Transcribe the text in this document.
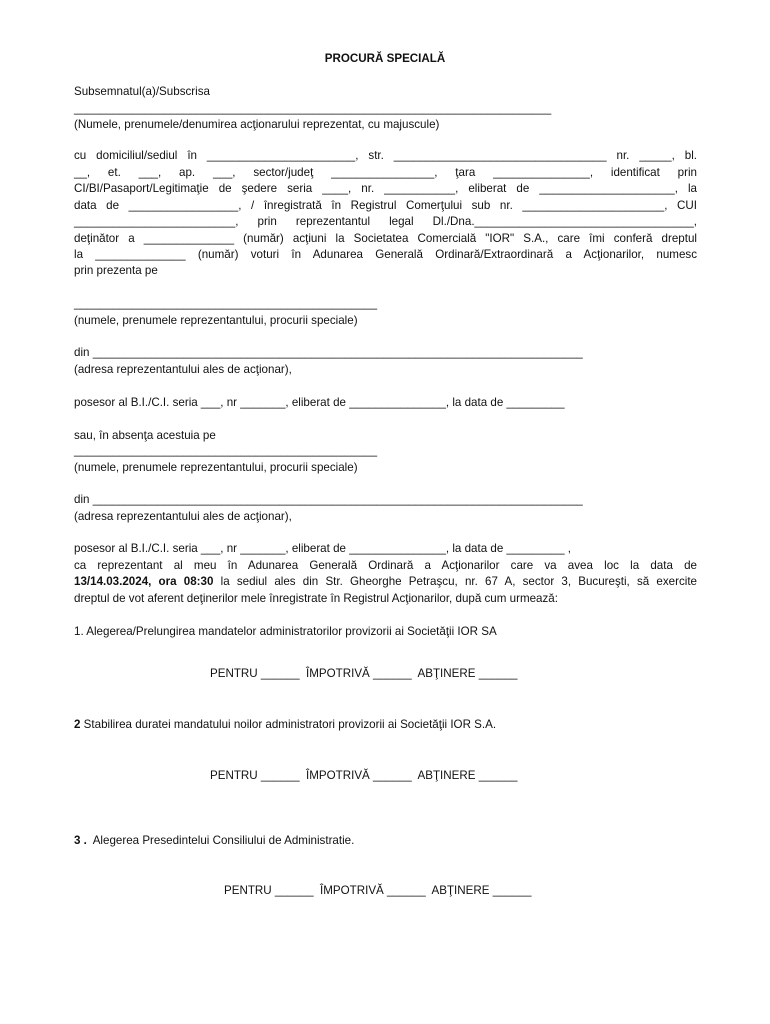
PROCURĂ SPECIALĂ
Subsemnatul(a)/Subscrisa
__________________________________________________________________________
(Numele, prenumele/denumirea acţionarului reprezentat, cu majuscule)
cu domiciliul/sediul în _______________________, str. _________________________________ nr. _____, bl.
__, et. ___, ap. ___, sector/judeţ ________________, ţara _______________, identificat prin
CI/BI/Pasaport/Legitimaţie de şedere seria ____, nr. ___________, eliberat de _____________________, la
data de _________________, / înregistrată în Registrul Comerţului sub nr. ______________________, CUI
_________________________, prin reprezentantul legal Dl./Dna.__________________________________,
deţinător a ______________ (număr) acţiuni la Societatea Comercială "IOR" S.A., care îmi conferă dreptul
la ______________ (număr) voturi în Adunarea Generală Ordinară/Extraordinară a Acţionarilor, numesc
prin prezenta pe
_______________________________________________
(numele, prenumele reprezentantului, procurii speciale)
din ____________________________________________________________________________
(adresa reprezentantului ales de acţionar),
posesor al B.I./C.I. seria ___, nr _______, eliberat de _______________, la data de _________
sau, în absenţa acestuia pe
_______________________________________________
(numele, prenumele reprezentantului, procurii speciale)
din ____________________________________________________________________________
(adresa reprezentantului ales de acţionar),
posesor al B.I./C.I. seria ___, nr _______, eliberat de _______________, la data de _________ ,
ca reprezentant al meu în Adunarea Generală Ordinară a Acţionarilor care va avea loc la data de
13/14.03.2024, ora 08:30 la sediul ales din Str. Gheorghe Petraşcu, nr. 67 A, sector 3, Bucureşti, să exercite
dreptul de vot aferent deţinerilor mele înregistrate în Registrul Acţionarilor, după cum urmează:
1. Alegerea/Prelungirea mandatelor administratorilor provizorii ai Societăţii IOR SA
PENTRU ______  ÎMPOTRIVĂ ______  ABŢINERE ______
2 Stabilirea duratei mandatului noilor administratori provizorii ai Societăţii IOR S.A.
PENTRU ______  ÎMPOTRIVĂ ______  ABŢINERE ______
3 .  Alegerea Presedintelui Consiliului de Administratie.
PENTRU ______  ÎMPOTRIVĂ ______  ABŢINERE ______
